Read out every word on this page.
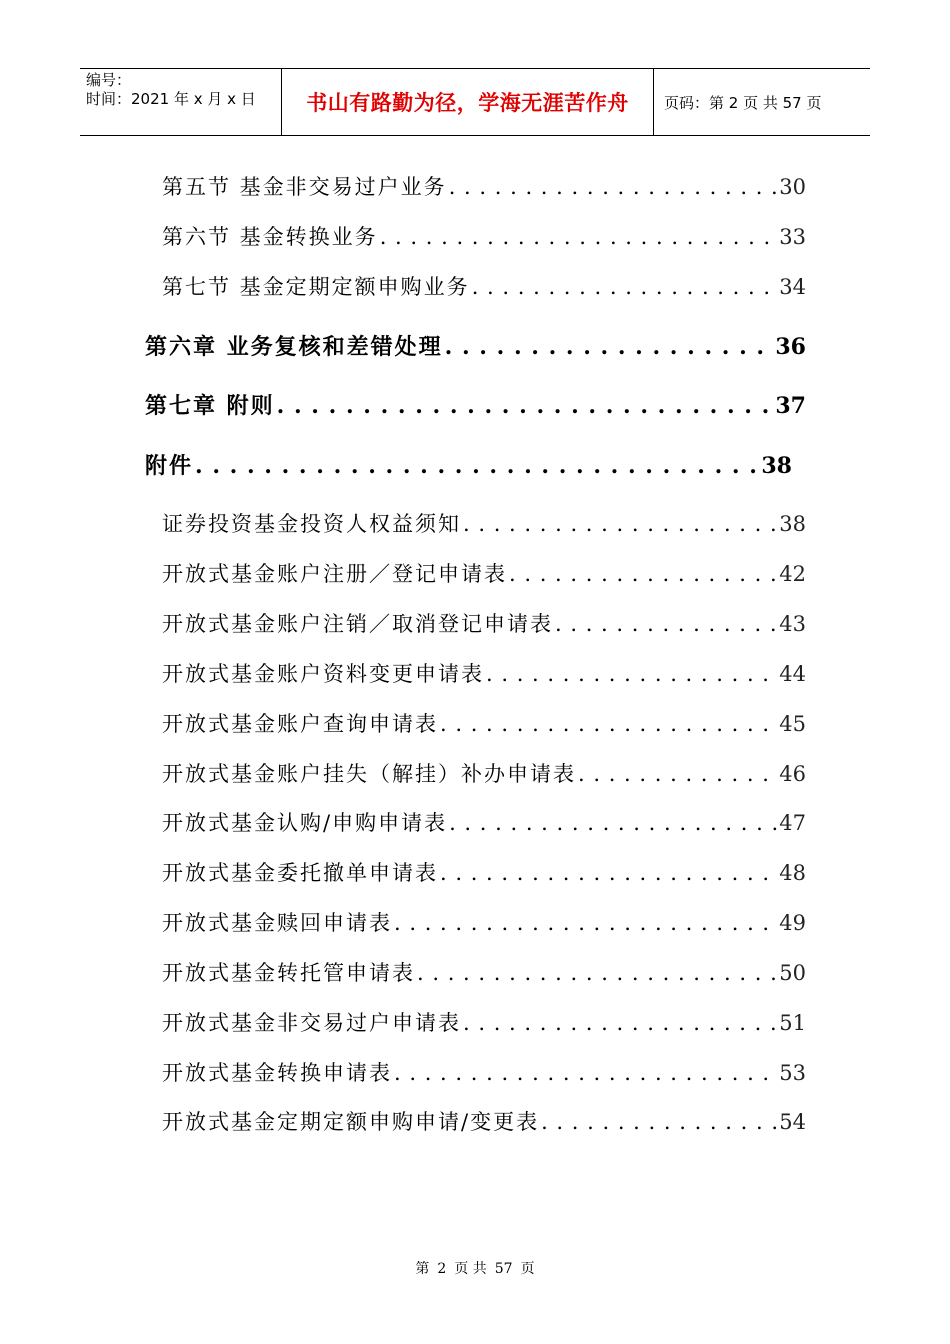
编号：
时间：2021 年 x 月 x 日	书山有路勤为径，学海无涯苦作舟	页码：第 2 页 共 57 页
第五节 基金非交易过户业务 . . .	30
第六节 基金转换业务 . . .	33
第七节 基金定期定额申购业务 . . .	34
第六章 业务复核和差错处理 . . .	36
第七章 附则 . . .	37
附件 . . .	38
证券投资基金投资人权益须知 . . .	38
开放式基金账户注册／登记申请表 . . .	42
开放式基金账户注销／取消登记申请表 . . .	43
开放式基金账户资料变更申请表 . . .	44
开放式基金账户查询申请表 . . .	45
开放式基金账户挂失（解挂）补办申请表 . . .	46
开放式基金认购/申购申请表 . . .	47
开放式基金委托撤单申请表 . . .	48
开放式基金赎回申请表 . . .	49
开放式基金转托管申请表 . . .	50
开放式基金非交易过户申请表 . . .	51
开放式基金转换申请表 . . .	53
开放式基金定期定额申购申请/变更表 . . .	54
第 2 页 共 57 页
